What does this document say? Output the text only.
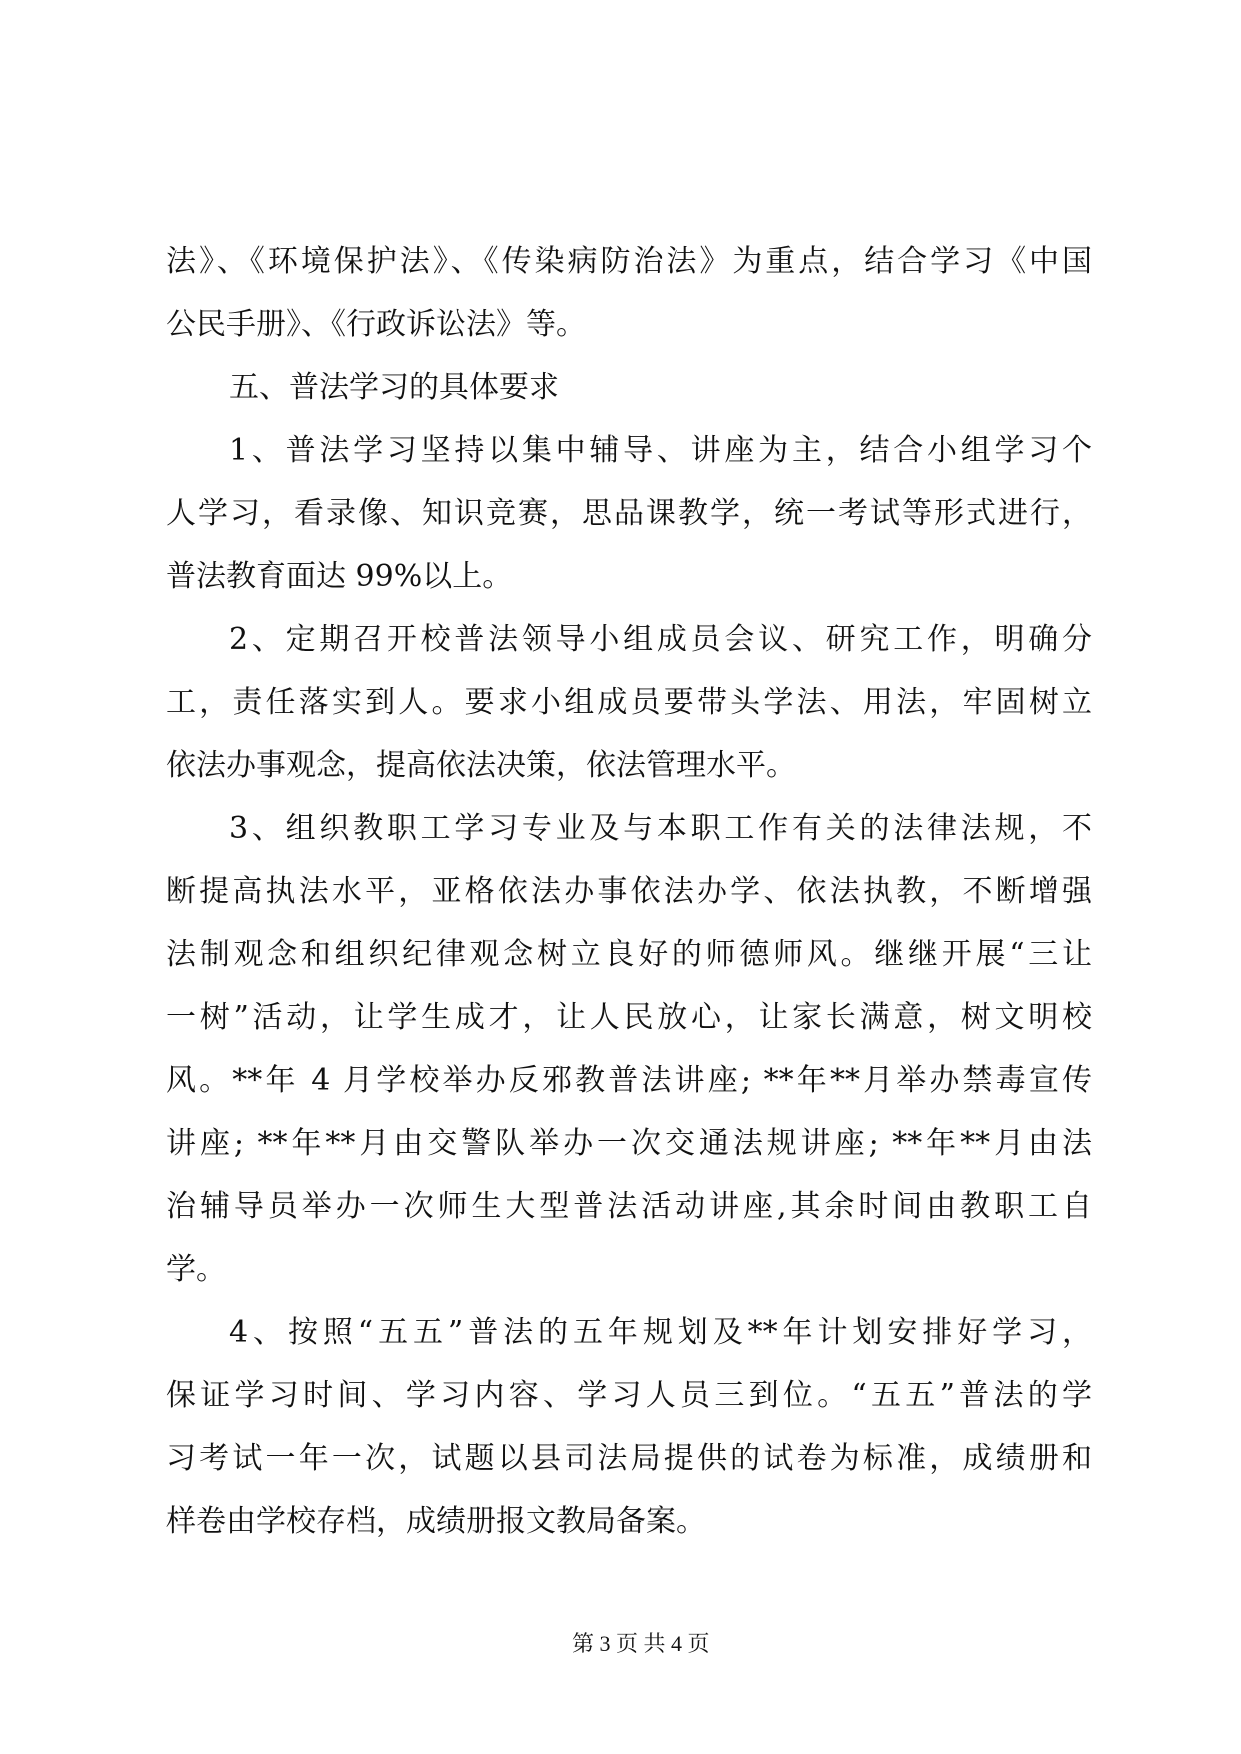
法》、《环境保护法》、《传染病防治法》为重点，结合学习《中国
公民手册》、《行政诉讼法》等。
五、普法学习的具体要求
1、普法学习坚持以集中辅导、讲座为主，结合小组学习个
人学习，看录像、知识竞赛，思品课教学，统一考试等形式进行，
普法教育面达 99%以上。
2、定期召开校普法领导小组成员会议、研究工作，明确分
工，责任落实到人。要求小组成员要带头学法、用法，牢固树立
依法办事观念，提高依法决策，依法管理水平。
3、组织教职工学习专业及与本职工作有关的法律法规，不
断提高执法水平，亚格依法办事依法办学、依法执教，不断增强
法制观念和组织纪律观念树立良好的师德师风。继继开展“三让
一树”活动，让学生成才，让人民放心，让家长满意，树文明校
风。**年 4 月学校举办反邪教普法讲座; **年**月举办禁毒宣传
讲座; **年**月由交警队举办一次交通法规讲座; **年**月由法
治辅导员举办一次师生大型普法活动讲座,其余时间由教职工自
学。
4、按照“五五”普法的五年规划及**年计划安排好学习，
保证学习时间、学习内容、学习人员三到位。“五五”普法的学
习考试一年一次，试题以县司法局提供的试卷为标准，成绩册和
样卷由学校存档，成绩册报文教局备案。
第 3 页 共 4 页
